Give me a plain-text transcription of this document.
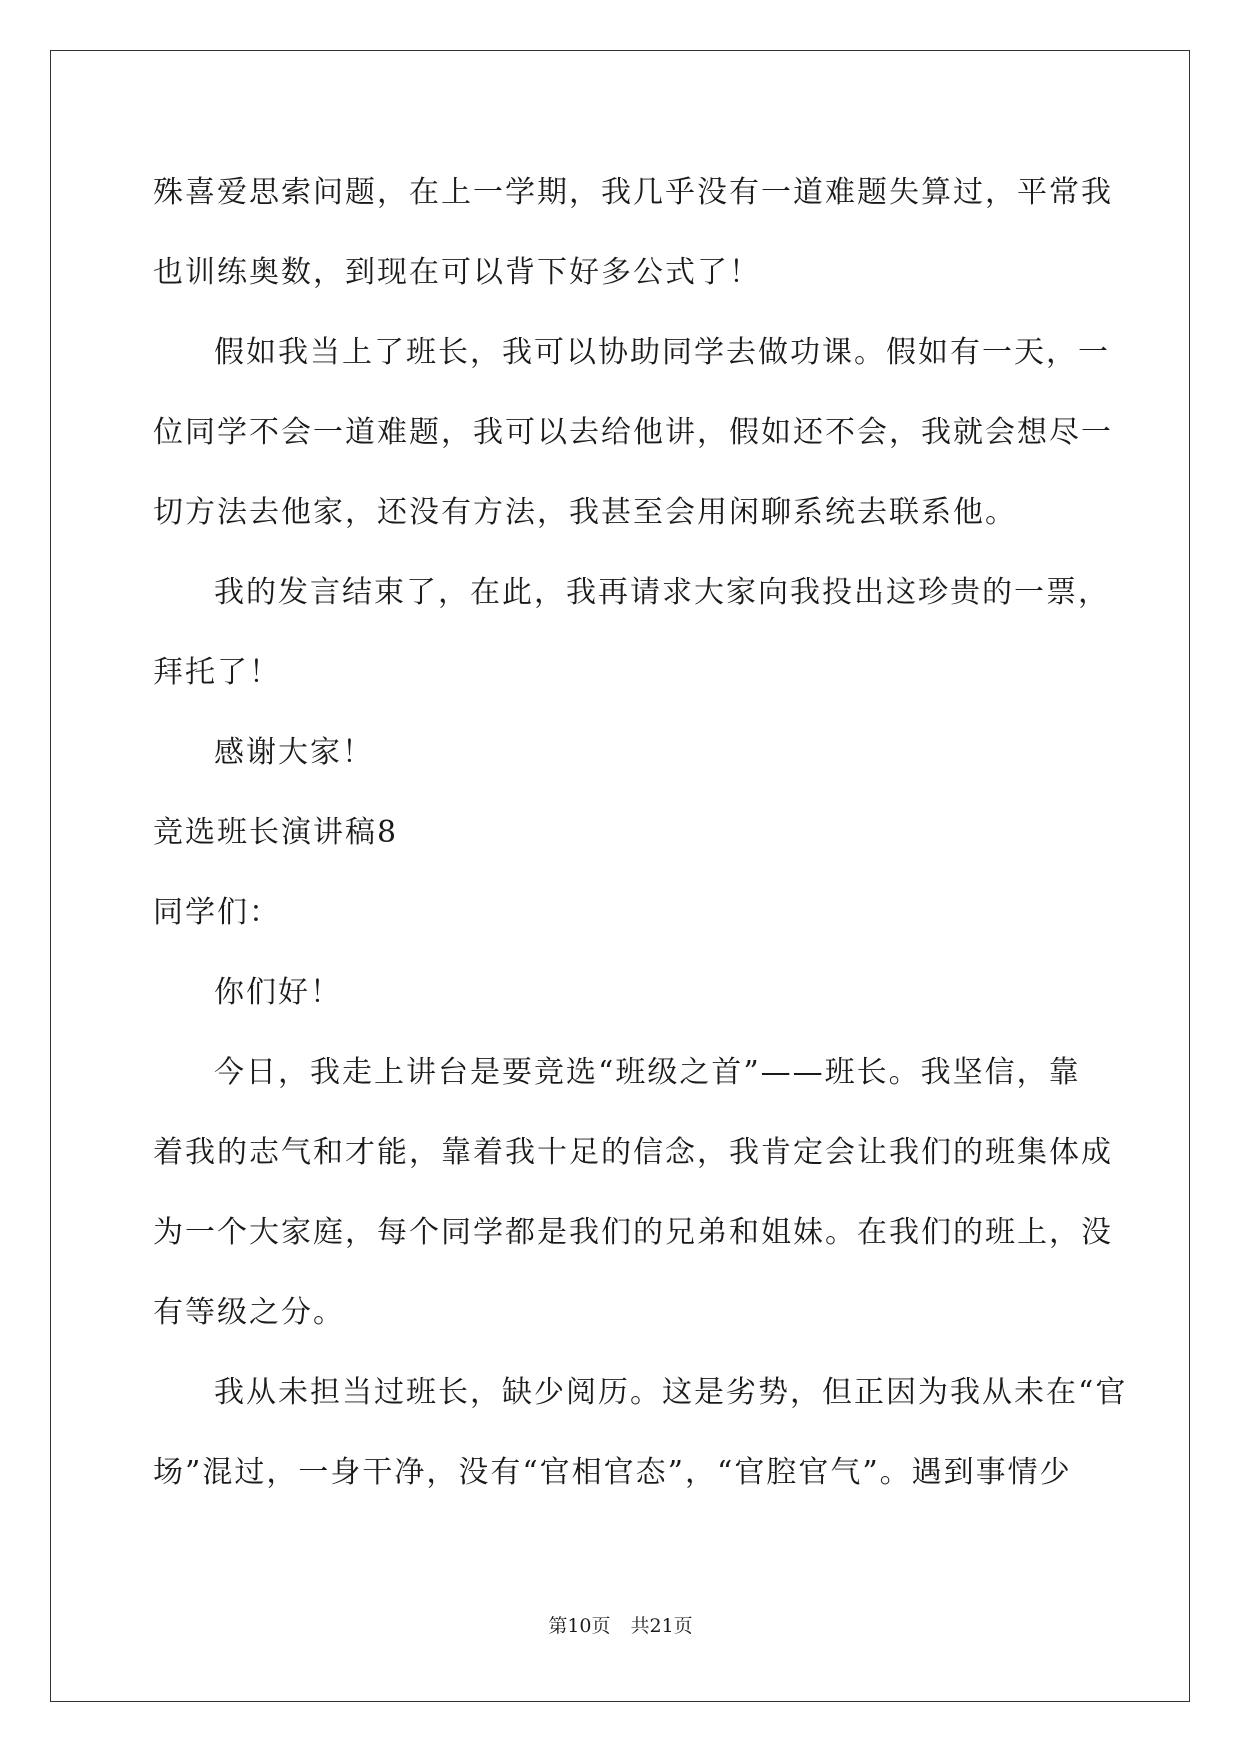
殊喜爱思索问题，在上一学期，我几乎没有一道难题失算过，平常我
也训练奥数，到现在可以背下好多公式了！
假如我当上了班长，我可以协助同学去做功课。假如有一天，一
位同学不会一道难题，我可以去给他讲，假如还不会，我就会想尽一
切方法去他家，还没有方法，我甚至会用闲聊系统去联系他。
我的发言结束了，在此，我再请求大家向我投出这珍贵的一票，
拜托了！
感谢大家！
竞选班长演讲稿8
同学们：
你们好！
今日，我走上讲台是要竞选“班级之首”——班长。我坚信，靠
着我的志气和才能，靠着我十足的信念，我肯定会让我们的班集体成
为一个大家庭，每个同学都是我们的兄弟和姐妹。在我们的班上，没
有等级之分。
我从未担当过班长，缺少阅历。这是劣势，但正因为我从未在“官
场”混过，一身干净，没有“官相官态”，“官腔官气”。遇到事情少
第10页 共21页
